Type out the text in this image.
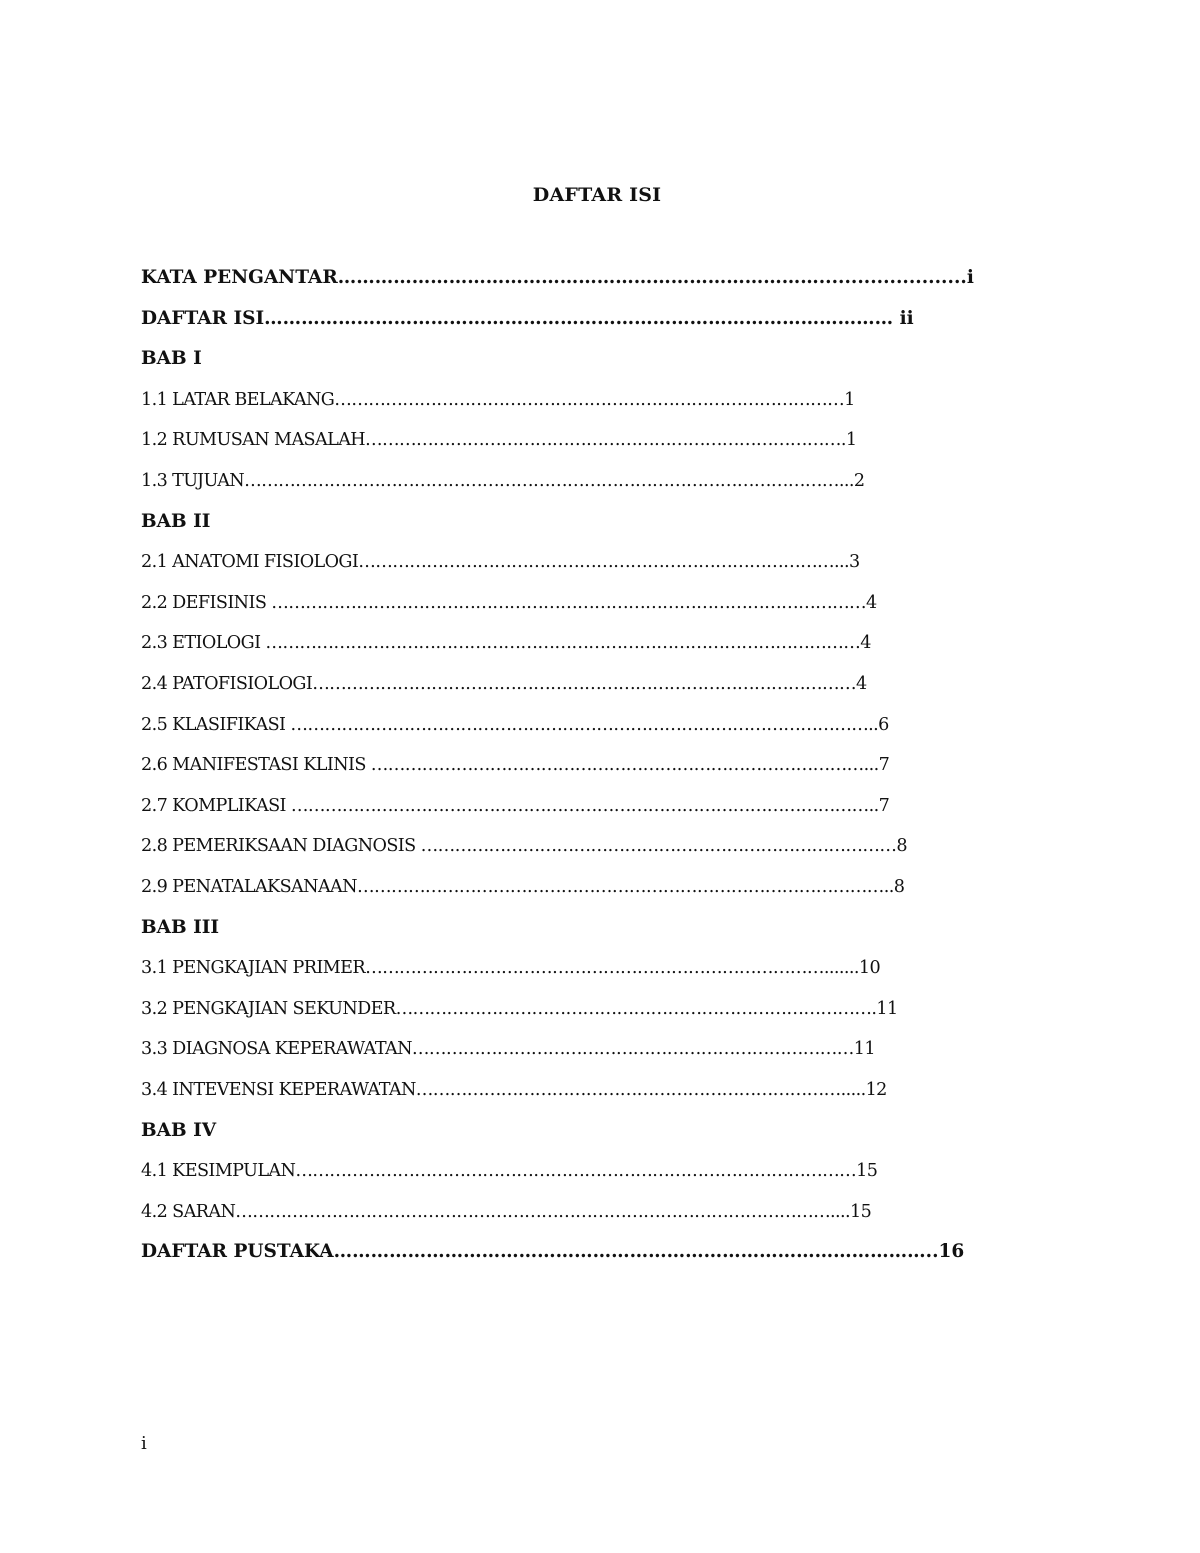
DAFTAR ISI
KATA PENGANTAR…………………………………………………………………….......................i
DAFTAR ISI………………………………………………………………………………………… ii
BAB I
1.1 LATAR BELAKANG………………………………………………………………………………1
1.2 RUMUSAN MASALAH………………………………………………………………………….1
1.3 TUJUAN……………………………………………………………………………………………...2
BAB II
2.1 ANATOMI FISIOLOGI…………………………………………………………………………...3
2.2 DEFISINIS ……………………………………………………………………………………………4
2.3 ETIOLOGI ……………………………………………………………………………………………4
2.4 PATOFISIOLOGI……………………………………………………………………………………4
2.5 KLASIFIKASI …………………………………………………………………………………………..6
2.6 MANIFESTASI KLINIS ……………………………………………………………………………...7
2.7 KOMPLIKASI …………………………………………………………………………………………..7
2.8 PEMERIKSAAN DIAGNOSIS …………………………………………………………………………8
2.9 PENATALAKSANAAN…………………………………………………………………………………..8
BAB III
3.1 PENGKAJIAN PRIMER……………………………………………………………………….......10
3.2 PENGKAJIAN SEKUNDER………………………………………………………………………….11
3.3 DIAGNOSA KEPERAWATAN……………………………………………………………………11
3.4 INTEVENSI KEPERAWATAN………………………………………………………………….....12
BAB IV
4.1 KESIMPULAN………………………………………………………………………………………15
4.2 SARAN……………………………………………………………………………………………....15
DAFTAR PUSTAKA……………………………………………………………………………………..16
i
